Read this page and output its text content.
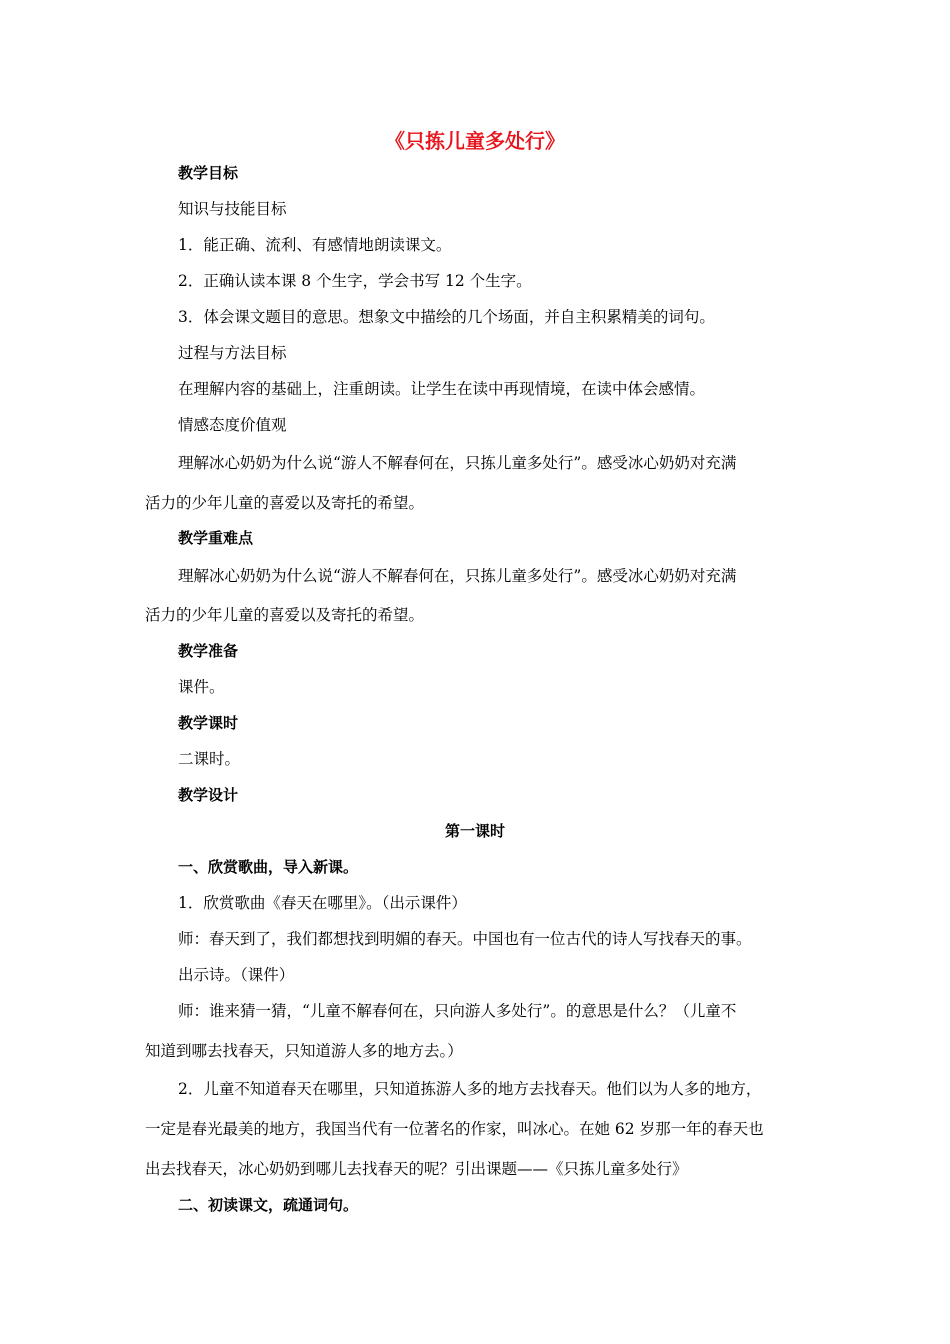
《只拣儿童多处行》
教学目标
知识与技能目标
1．能正确、流利、有感情地朗读课文。
2．正确认读本课 8 个生字，学会书写 12 个生字。
3．体会课文题目的意思。想象文中描绘的几个场面，并自主积累精美的词句。
过程与方法目标
在理解内容的基础上，注重朗读。让学生在读中再现情境，在读中体会感情。
情感态度价值观
理解冰心奶奶为什么说“游人不解春何在，只拣儿童多处行”。感受冰心奶奶对充满
活力的少年儿童的喜爱以及寄托的希望。
教学重难点
理解冰心奶奶为什么说“游人不解春何在，只拣儿童多处行”。感受冰心奶奶对充满
活力的少年儿童的喜爱以及寄托的希望。
教学准备
课件。
教学课时
二课时。
教学设计
第一课时
一、欣赏歌曲，导入新课。
1．欣赏歌曲《春天在哪里》。（出示课件）
师：春天到了，我们都想找到明媚的春天。中国也有一位古代的诗人写找春天的事。
出示诗。（课件）
师：谁来猜一猜，“儿童不解春何在，只向游人多处行”。的意思是什么？（儿童不
知道到哪去找春天，只知道游人多的地方去。）
2．儿童不知道春天在哪里，只知道拣游人多的地方去找春天。他们以为人多的地方，
一定是春光最美的地方，我国当代有一位著名的作家，叫冰心。在她 62 岁那一年的春天也
出去找春天，冰心奶奶到哪儿去找春天的呢？引出课题——《只拣儿童多处行》
二、初读课文，疏通词句。
